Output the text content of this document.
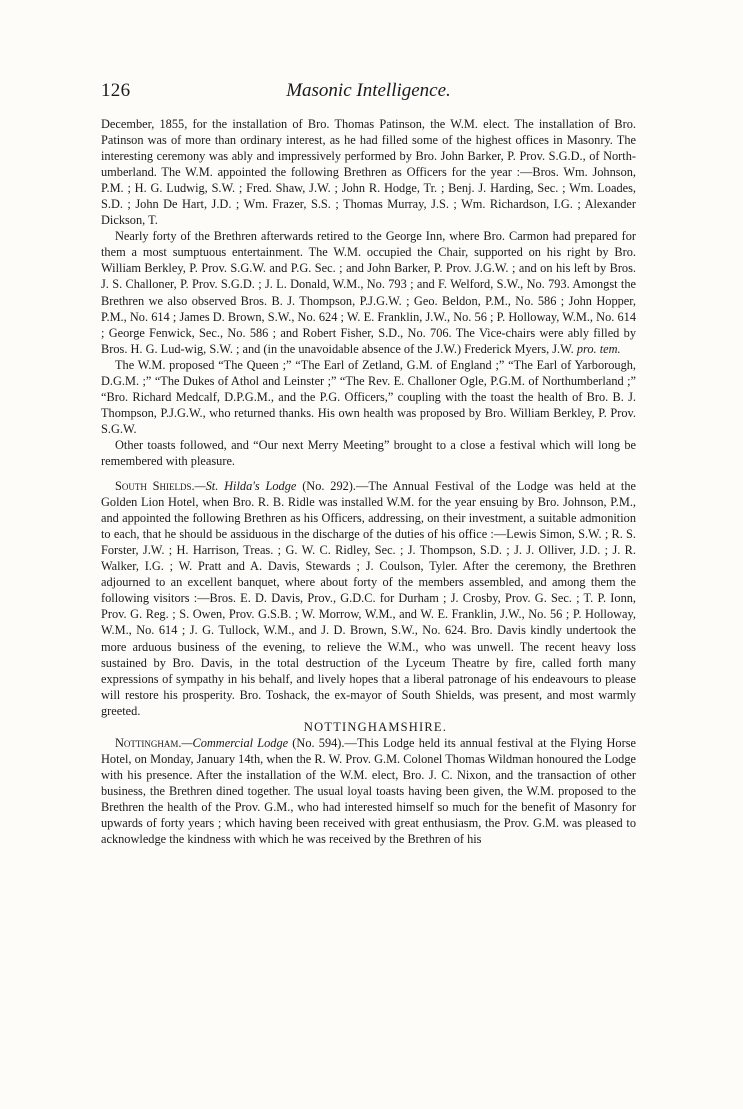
126	Masonic Intelligence.

December, 1855, for the installation of Bro. Thomas Patinson, the W.M. elect. The installation of Bro. Patinson was of more than ordinary interest, as he had filled some of the highest offices in Masonry. The interesting ceremony was ably and impressively performed by Bro. John Barker, P. Prov. S.G.D., of North-umberland. The W.M. appointed the following Brethren as Officers for the year :—Bros. Wm. Johnson, P.M. ; H. G. Ludwig, S.W. ; Fred. Shaw, J.W. ; John R. Hodge, Tr. ; Benj. J. Harding, Sec. ; Wm. Loades, S.D. ; John De Hart, J.D. ; Wm. Frazer, S.S. ; Thomas Murray, J.S. ; Wm. Richardson, I.G. ; Alexander Dickson, T.

Nearly forty of the Brethren afterwards retired to the George Inn, where Bro. Carmon had prepared for them a most sumptuous entertainment. The W.M. occupied the Chair, supported on his right by Bro. William Berkley, P. Prov. S.G.W. and P.G. Sec. ; and John Barker, P. Prov. J.G.W. ; and on his left by Bros. J. S. Challoner, P. Prov. S.G.D. ; J. L. Donald, W.M., No. 793 ; and F. Welford, S.W., No. 793. Amongst the Brethren we also observed Bros. B. J. Thompson, P.J.G.W. ; Geo. Beldon, P.M., No. 586 ; John Hopper, P.M., No. 614 ; James D. Brown, S.W., No. 624 ; W. E. Franklin, J.W., No. 56 ; P. Holloway, W.M., No. 614 ; George Fenwick, Sec., No. 586 ; and Robert Fisher, S.D., No. 706. The Vice-chairs were ably filled by Bros. H. G. Lud-wig, S.W. ; and (in the unavoidable absence of the J.W.) Frederick Myers, J.W. pro. tem.

The W.M. proposed “The Queen ;” “The Earl of Zetland, G.M. of England ;” “The Earl of Yarborough, D.G.M. ;” “The Dukes of Athol and Leinster ;” “The Rev. E. Challoner Ogle, P.G.M. of Northumberland ;” “Bro. Richard Medcalf, D.P.G.M., and the P.G. Officers,” coupling with the toast the health of Bro. B. J. Thompson, P.J.G.W., who returned thanks. His own health was proposed by Bro. William Berkley, P. Prov. S.G.W.

Other toasts followed, and “Our next Merry Meeting” brought to a close a festival which will long be remembered with pleasure.

South Shields.—St. Hilda's Lodge (No. 292).—The Annual Festival of the Lodge was held at the Golden Lion Hotel, when Bro. R. B. Ridle was installed W.M. for the year ensuing by Bro. Johnson, P.M., and appointed the following Brethren as his Officers, addressing, on their investment, a suitable admonition to each, that he should be assiduous in the discharge of the duties of his office :—Lewis Simon, S.W. ; R. S. Forster, J.W. ; H. Harrison, Treas. ; G. W. C. Ridley, Sec. ; J. Thompson, S.D. ; J. J. Olliver, J.D. ; J. R. Walker, I.G. ; W. Pratt and A. Davis, Stewards ; J. Coulson, Tyler. After the ceremony, the Brethren adjourned to an excellent banquet, where about forty of the members assembled, and among them the following visitors :—Bros. E. D. Davis, Prov., G.D.C. for Durham ; J. Crosby, Prov. G. Sec. ; T. P. Ionn, Prov. G. Reg. ; S. Owen, Prov. G.S.B. ; W. Morrow, W.M., and W. E. Franklin, J.W., No. 56 ; P. Holloway, W.M., No. 614 ; J. G. Tullock, W.M., and J. D. Brown, S.W., No. 624. Bro. Davis kindly undertook the more arduous business of the evening, to relieve the W.M., who was unwell. The recent heavy loss sustained by Bro. Davis, in the total destruction of the Lyceum Theatre by fire, called forth many expressions of sympathy in his behalf, and lively hopes that a liberal patronage of his endeavours to please will restore his prosperity. Bro. Toshack, the ex-mayor of South Shields, was present, and most warmly greeted.

NOTTINGHAMSHIRE.

Nottingham.—Commercial Lodge (No. 594).—This Lodge held its annual festival at the Flying Horse Hotel, on Monday, January 14th, when the R. W. Prov. G.M. Colonel Thomas Wildman honoured the Lodge with his presence. After the installation of the W.M. elect, Bro. J. C. Nixon, and the transaction of other business, the Brethren dined together. The usual loyal toasts having been given, the W.M. proposed to the Brethren the health of the Prov. G.M., who had interested himself so much for the benefit of Masonry for upwards of forty years ; which having been received with great enthusiasm, the Prov. G.M. was pleased to acknowledge the kindness with which he was received by the Brethren of his
